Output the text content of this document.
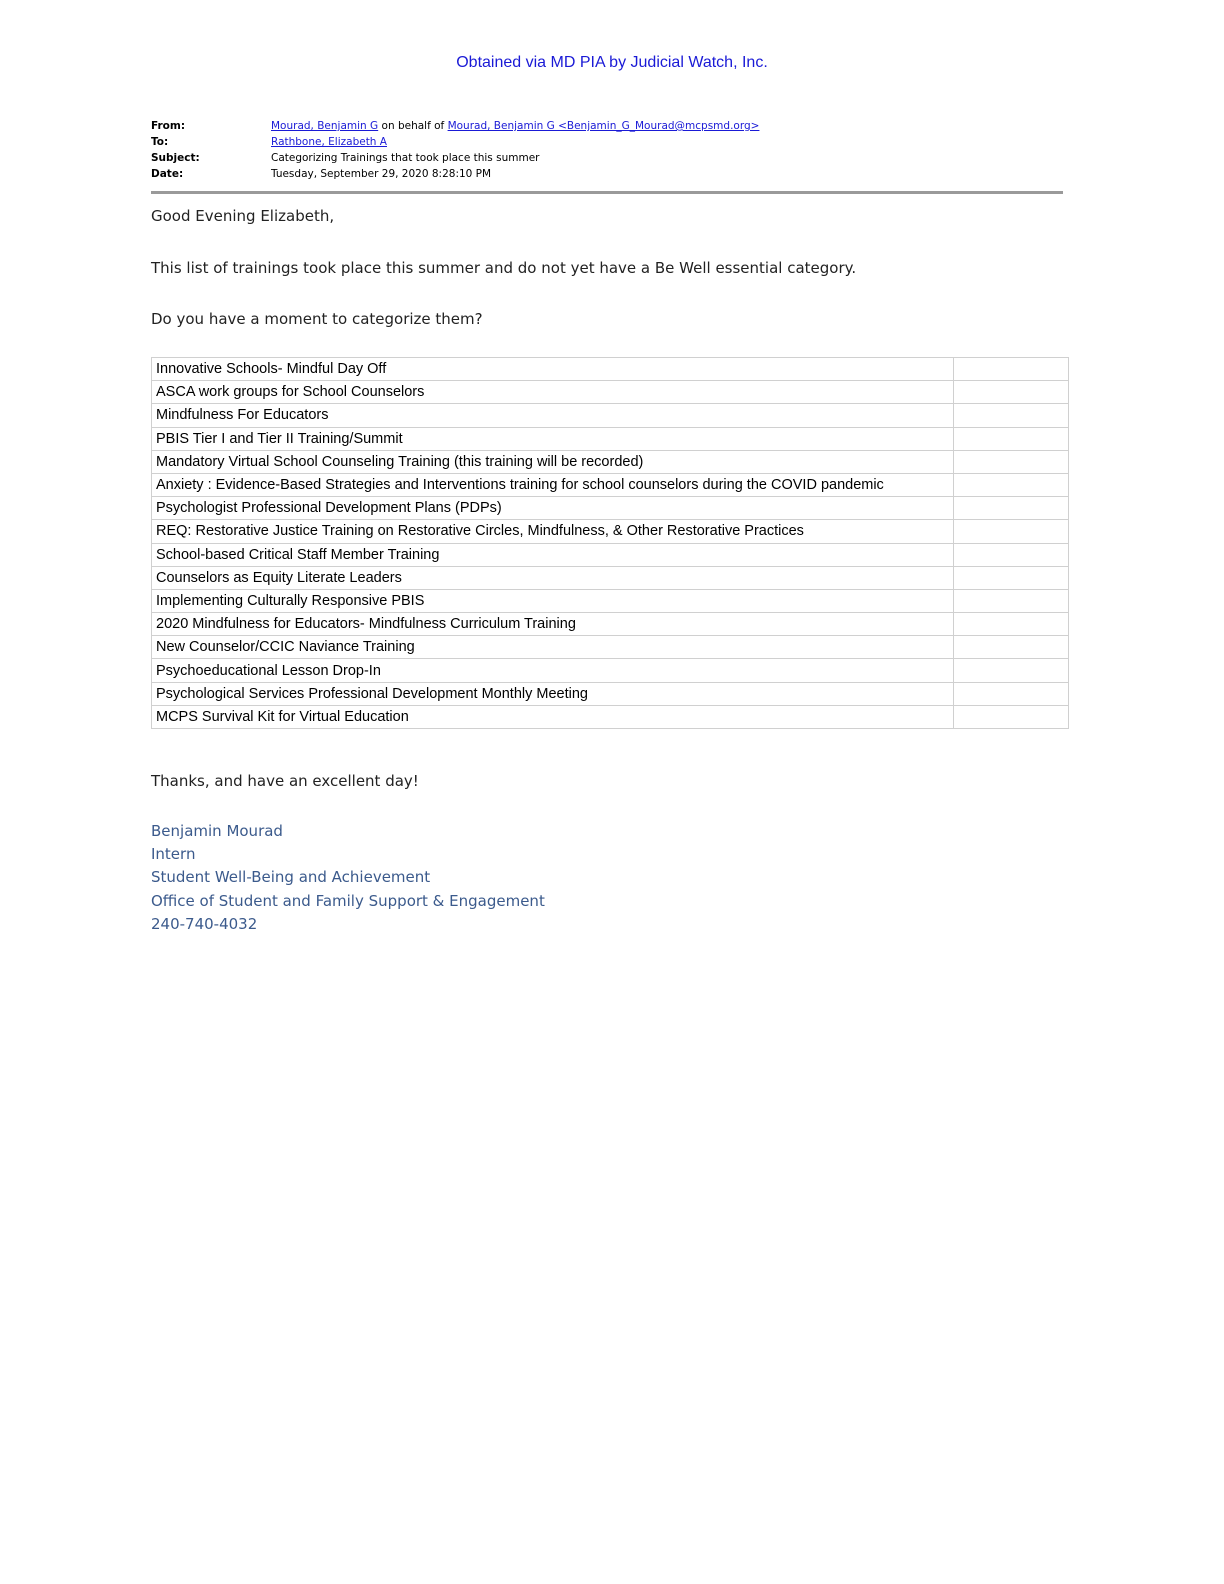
Obtained via MD PIA by Judicial Watch, Inc.
From:	Mourad, Benjamin G on behalf of Mourad, Benjamin G <Benjamin_G_Mourad@mcpsmd.org>
To:	Rathbone, Elizabeth A
Subject:	Categorizing Trainings that took place this summer
Date:	Tuesday, September 29, 2020 8:28:10 PM
Good Evening Elizabeth,
This list of trainings took place this summer and do not yet have a Be Well essential category.
Do you have a moment to categorize them?
Innovative Schools- Mindful Day Off	
ASCA work groups for School Counselors	
Mindfulness For Educators	
PBIS Tier I and Tier II Training/Summit	
Mandatory Virtual School Counseling Training (this training will be recorded)	
Anxiety : Evidence-Based Strategies and Interventions training for school counselors during the COVID pandemic	
Psychologist Professional Development Plans (PDPs)	
REQ: Restorative Justice Training on Restorative Circles, Mindfulness, & Other Restorative Practices	
School-based Critical Staff Member Training	
Counselors as Equity Literate Leaders	
Implementing Culturally Responsive PBIS	
2020 Mindfulness for Educators- Mindfulness Curriculum Training	
New Counselor/CCIC Naviance Training	
Psychoeducational Lesson Drop-In	
Psychological Services Professional Development Monthly Meeting	
MCPS Survival Kit for Virtual Education	
Thanks, and have an excellent day!
Benjamin Mourad
Intern
Student Well-Being and Achievement
Office of Student and Family Support & Engagement
240-740-4032
